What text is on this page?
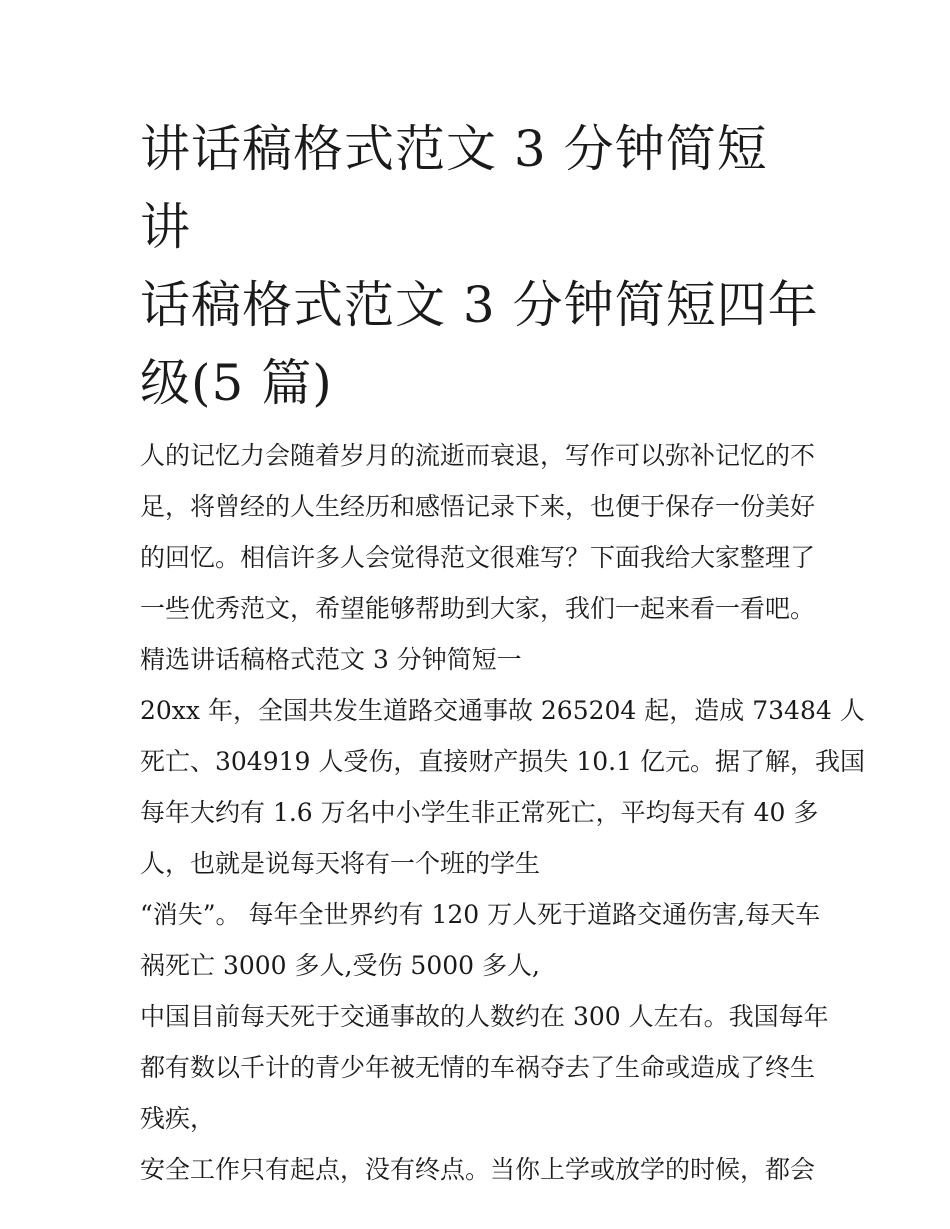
讲话稿格式范文 3 分钟简短 讲
话稿格式范文 3 分钟简短四年
级(5 篇)

人的记忆力会随着岁月的流逝而衰退，写作可以弥补记忆的不

足，将曾经的人生经历和感悟记录下来，也便于保存一份美好

的回忆。相信许多人会觉得范文很难写？下面我给大家整理了

一些优秀范文，希望能够帮助到大家，我们一起来看一看吧。

精选讲话稿格式范文 3 分钟简短一

20xx 年，全国共发生道路交通事故 265204 起，造成 73484 人

死亡、304919 人受伤，直接财产损失 10.1 亿元。据了解，我国

每年大约有 1.6 万名中小学生非正常死亡，平均每天有 40 多

人，也就是说每天将有一个班的学生

“消失”。 每年全世界约有 120 万人死于道路交通伤害,每天车

祸死亡 3000 多人,受伤 5000 多人,

中国目前每天死于交通事故的人数约在 300 人左右。我国每年

都有数以千计的青少年被无情的车祸夺去了生命或造成了终生

残疾，

安全工作只有起点，没有终点。当你上学或放学的时候，都会
